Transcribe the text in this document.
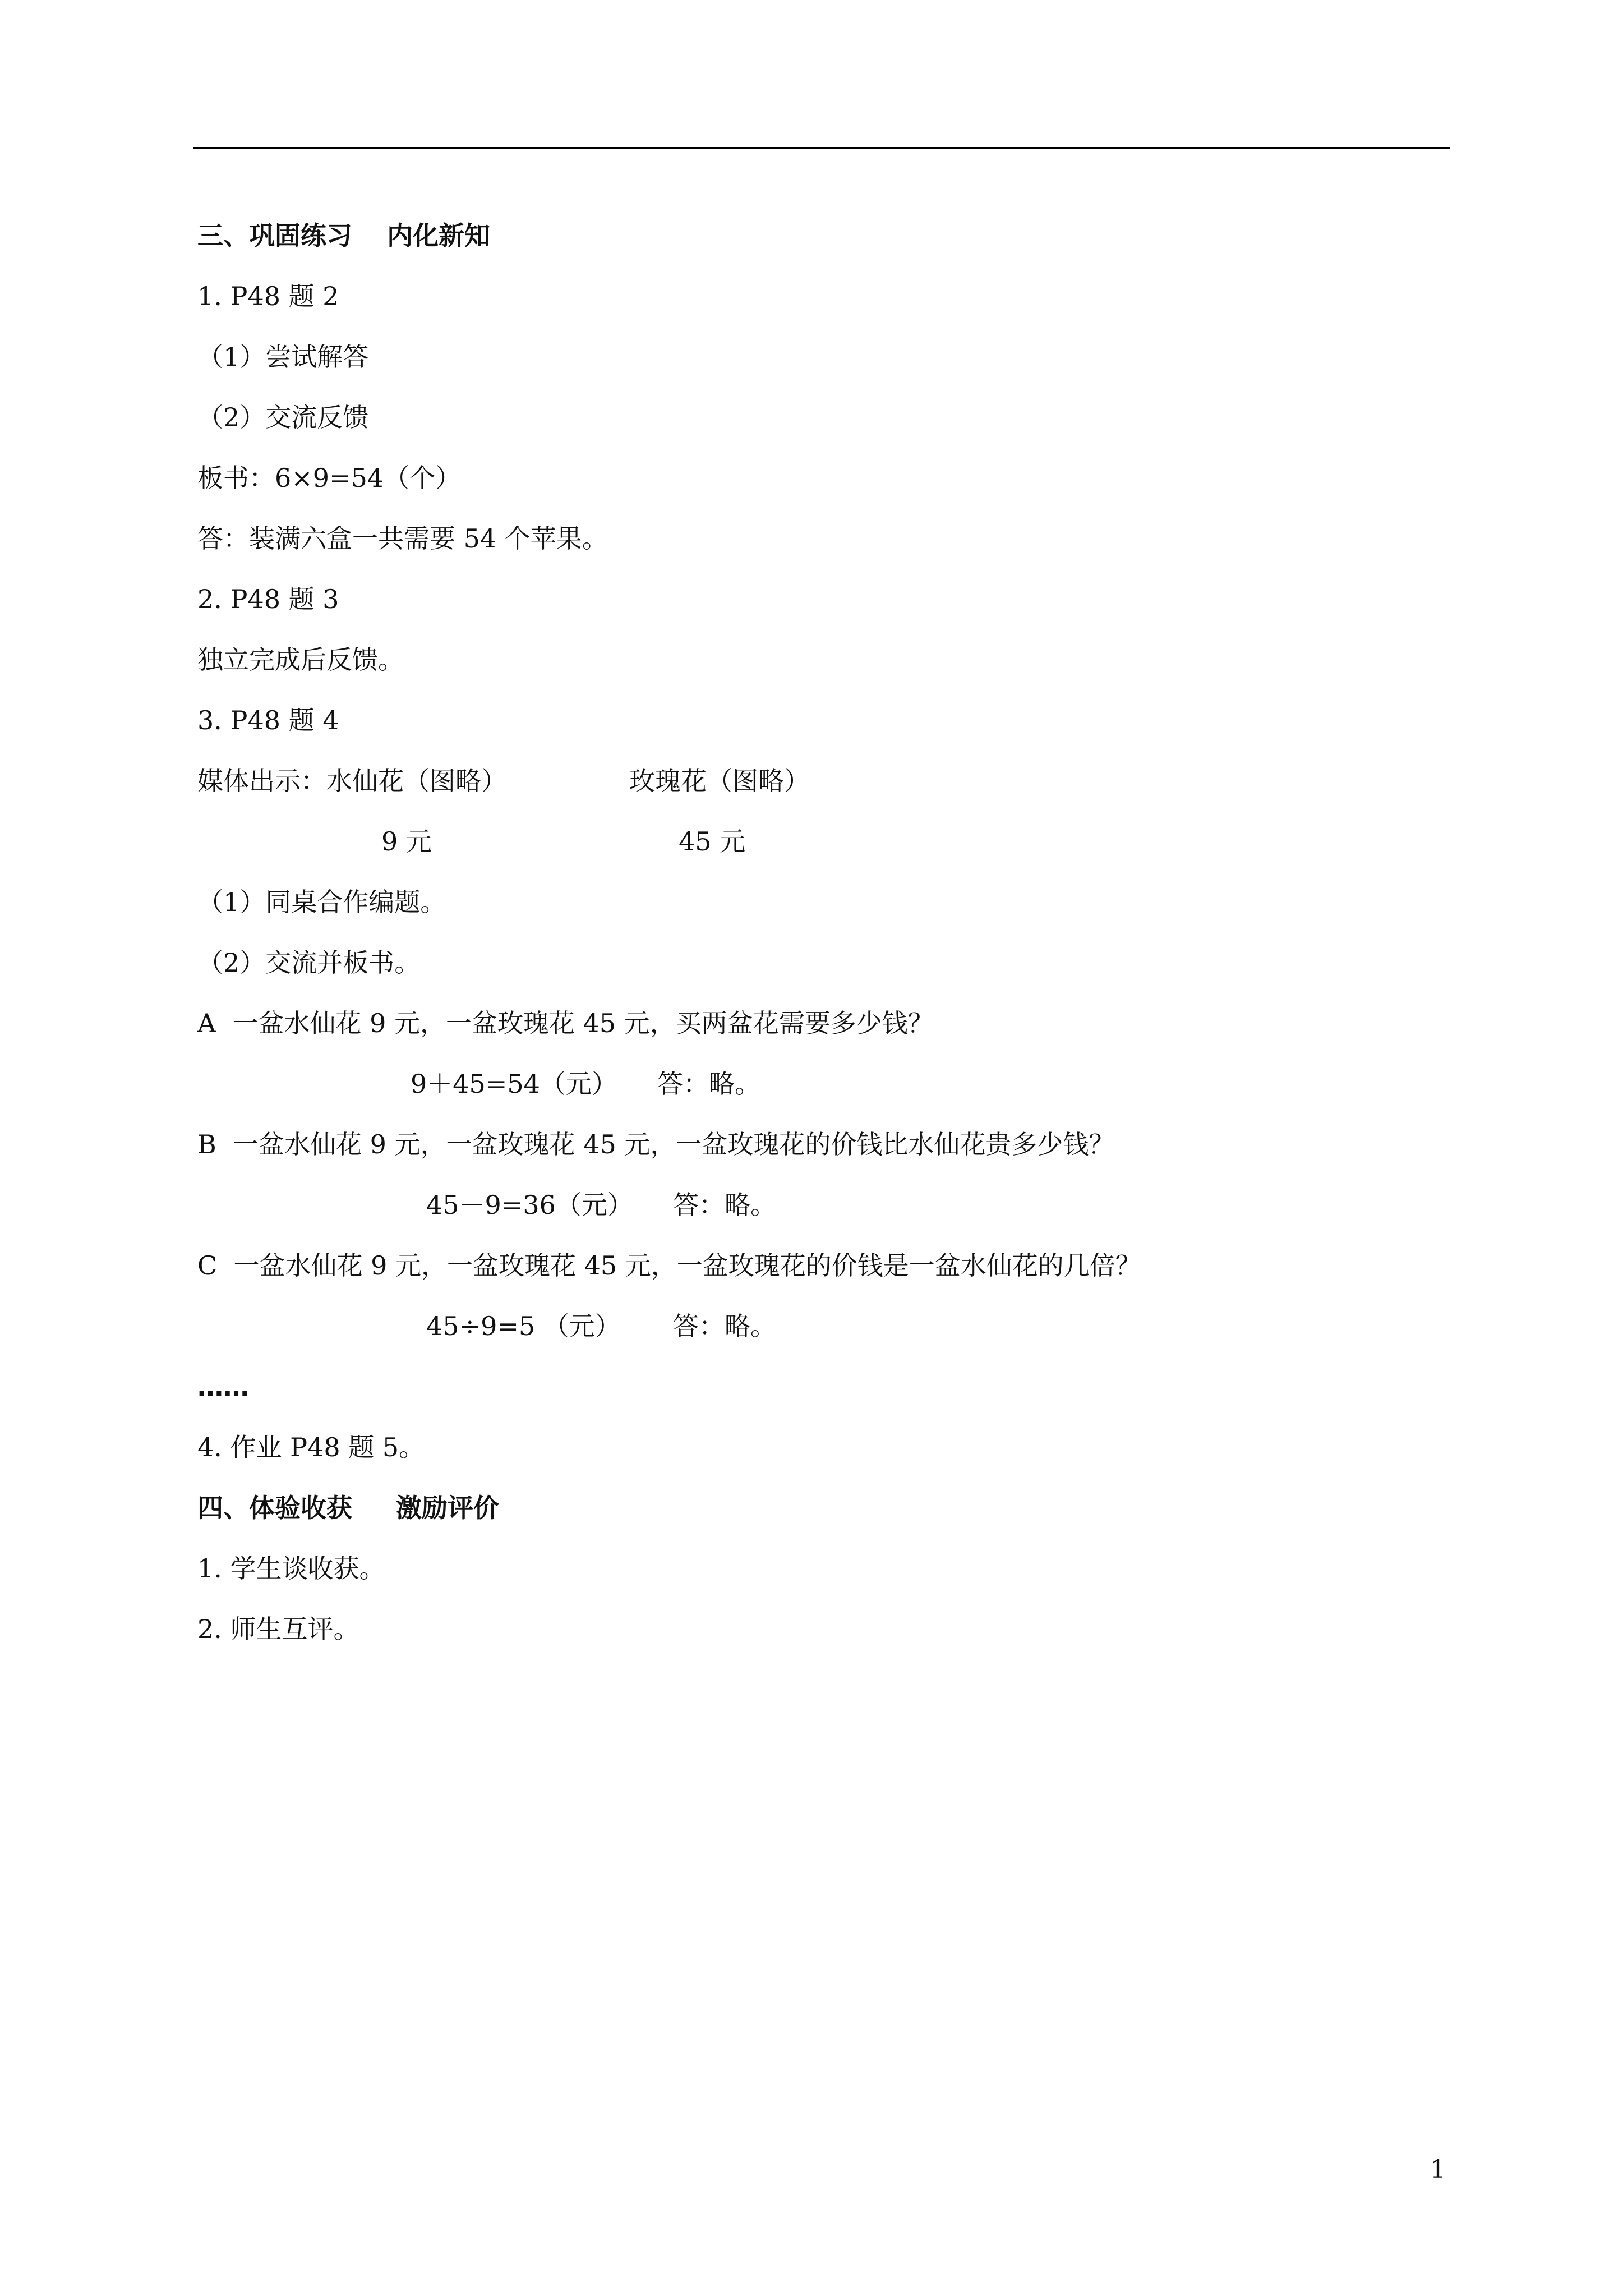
三、巩固练习　 内化新知
1. P48 题 2
（1）尝试解答
（2）交流反馈
板书：6×9=54（个）
答：装满六盒一共需要 54 个苹果。
2. P48 题 3
独立完成后反馈。
3. P48 题 4
媒体出示：水仙花（图略）	玫瑰花（图略）
9 元	45 元
（1）同桌合作编题。
（2）交流并板书。
A  一盆水仙花 9 元，一盆玫瑰花 45 元，买两盆花需要多少钱？
9＋45=54（元） 答：略。
B  一盆水仙花 9 元，一盆玫瑰花 45 元，一盆玫瑰花的价钱比水仙花贵多少钱？
45－9=36（元） 答：略。
C  一盆水仙花 9 元，一盆玫瑰花 45 元，一盆玫瑰花的价钱是一盆水仙花的几倍？
45÷9=5 （元） 答：略。
……
4. 作业 P48 题 5。
四、体验收获 　 激励评价
1. 学生谈收获。
2. 师生互评。
1
